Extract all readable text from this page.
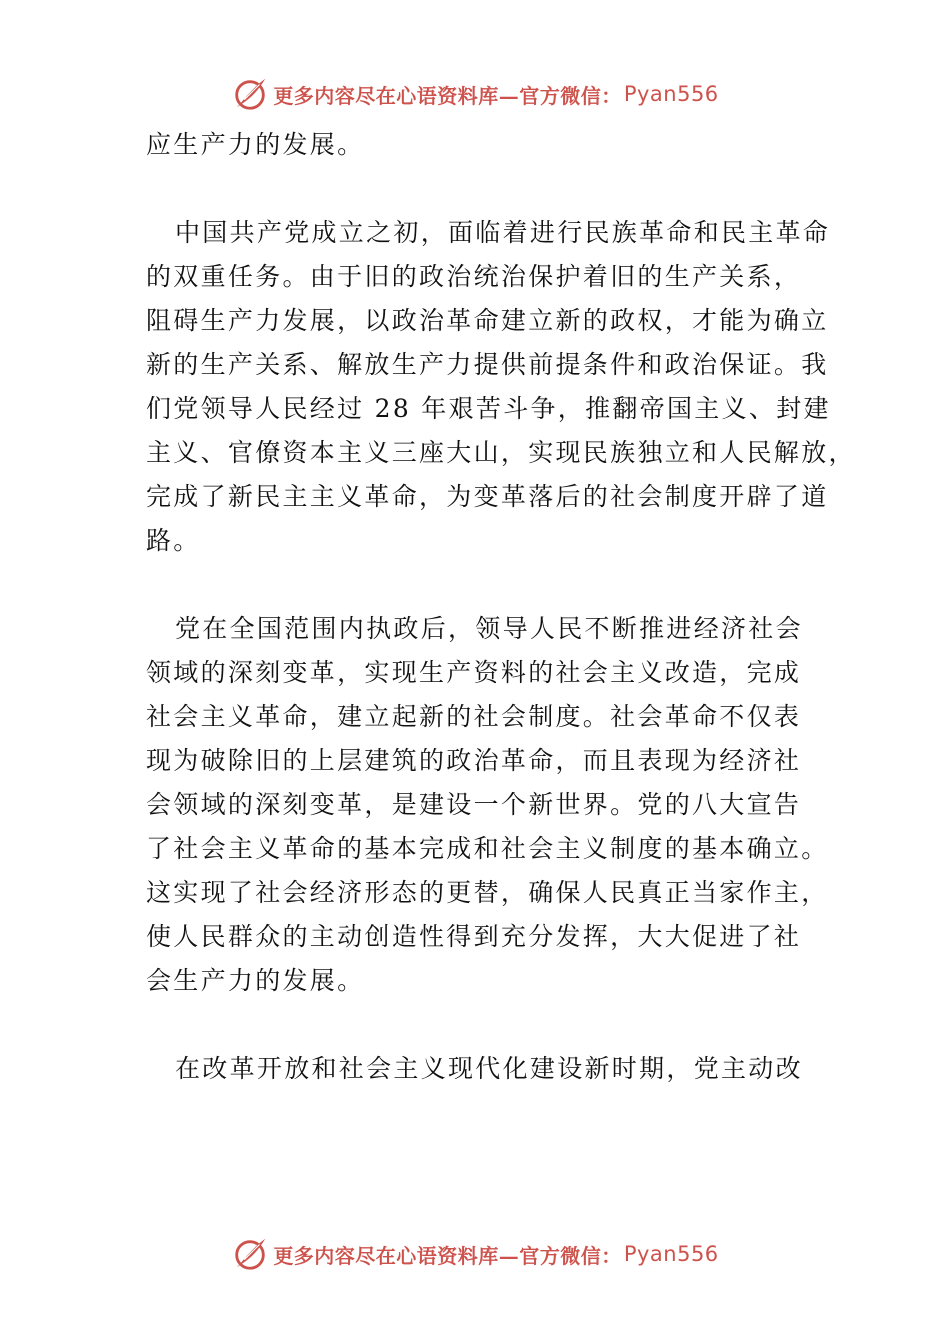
更多内容尽在心语资料库—官方微信： Pyan556
应生产力的发展。
中国共产党成立之初，面临着进行民族革命和民主革命
的双重任务。由于旧的政治统治保护着旧的生产关系，
阻碍生产力发展，以政治革命建立新的政权，才能为确立
新的生产关系、解放生产力提供前提条件和政治保证。我
们党领导人民经过 28 年艰苦斗争，推翻帝国主义、封建
主义、官僚资本主义三座大山，实现民族独立和人民解放，
完成了新民主主义革命，为变革落后的社会制度开辟了道
路。
党在全国范围内执政后，领导人民不断推进经济社会
领域的深刻变革，实现生产资料的社会主义改造，完成
社会主义革命，建立起新的社会制度。社会革命不仅表
现为破除旧的上层建筑的政治革命，而且表现为经济社
会领域的深刻变革，是建设一个新世界。党的八大宣告
了社会主义革命的基本完成和社会主义制度的基本确立。
这实现了社会经济形态的更替，确保人民真正当家作主，
使人民群众的主动创造性得到充分发挥，大大促进了社
会生产力的发展。
在改革开放和社会主义现代化建设新时期，党主动改
更多内容尽在心语资料库—官方微信： Pyan556
